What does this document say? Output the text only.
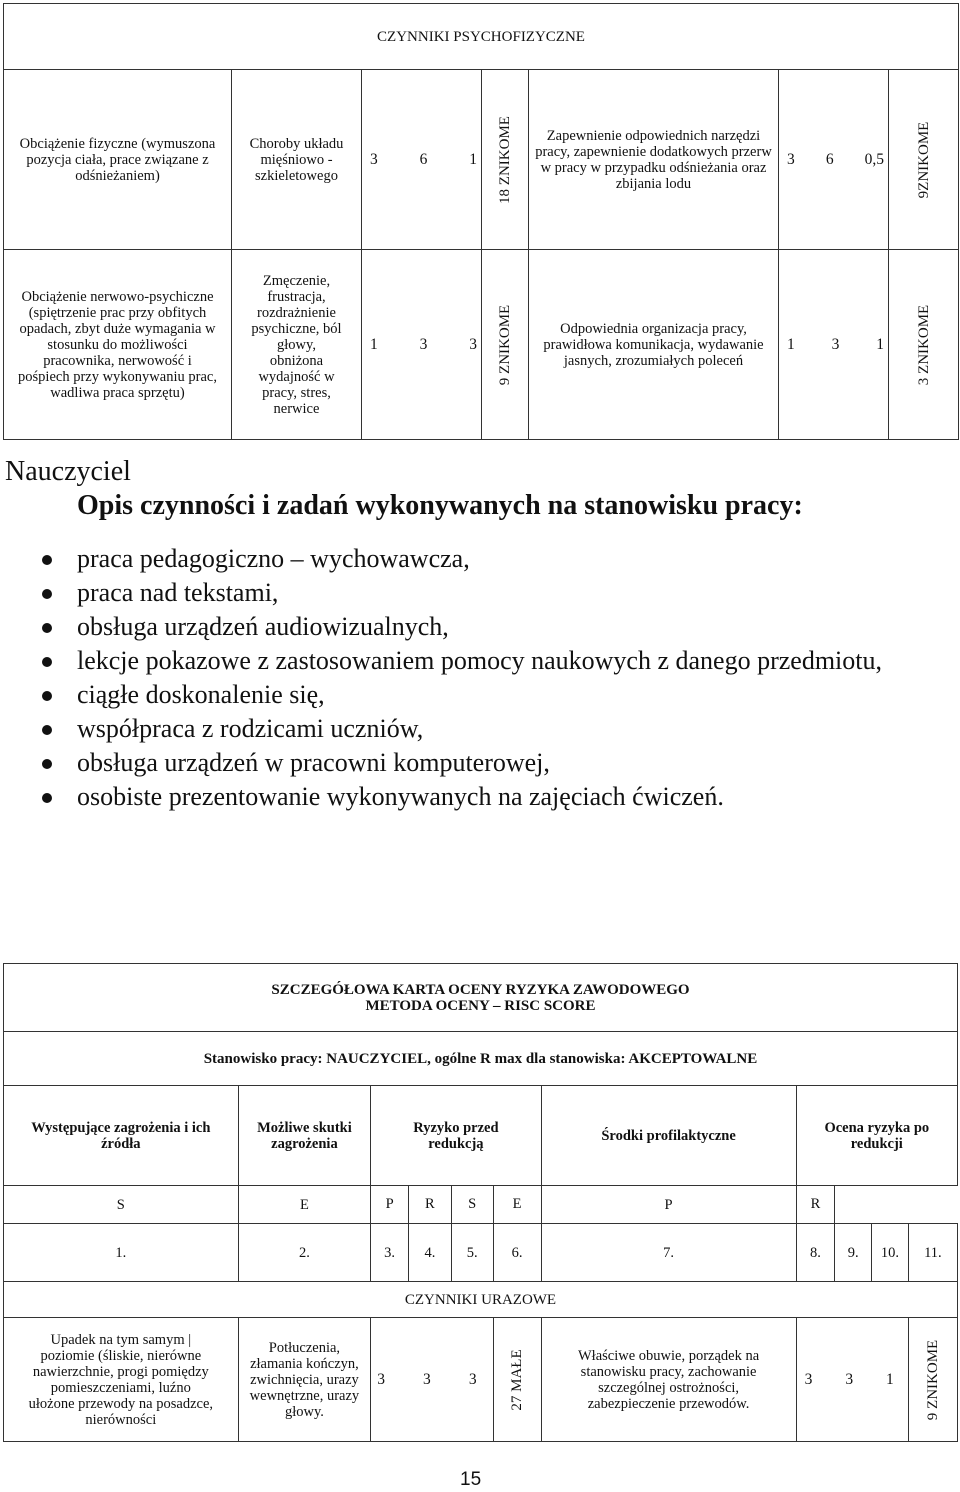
CZYNNIKI PSYCHOFIZYCZNE						
Obciążenie fizyczne (wymuszona pozycja ciała, prace związane z odśnieżaniem)	Choroby układu mięśniowo - szkieletowego	3 6 1	18 ZNIKOME	Zapewnienie odpowiednich narzędzi pracy, zapewnienie dodatkowych przerw w pracy w przypadku odśnieżania oraz zbijania lodu	3 6 0,5	9ZNIKOME

Obciążenie nerwowo-psychiczne (spiętrzenie prac przy obfitych opadach, zbyt duże wymagania w stosunku do możliwości pracownika, nerwowość i pośpiech przy wykonywaniu prac, wadliwa praca sprzętu)	Zmęczenie, frustracja, rozdrażnienie psychiczne, ból głowy, obniżona wydajność w pracy, stres, nerwice	1 3 3	9 ZNIKOME	Odpowiednia organizacja pracy, prawidłowa komunikacja, wydawanie jasnych, zrozumiałych poleceń	1 3 1	3 ZNIKOME

Nauczyciel

Opis czynności i zadań wykonywanych na stanowisku pracy:

praca pedagogiczno – wychowawcza,
praca nad tekstami,
obsługa urządzeń audiowizualnych,
lekcje pokazowe z zastosowaniem pomocy naukowych z danego przedmiotu,
ciągłe doskonalenie się,
współpraca z rodzicami uczniów,
obsługa urządzeń w pracowni komputerowej,
osobiste prezentowanie wykonywanych na zajęciach ćwiczeń.
SZCZEGÓŁOWA KARTA OCENY RYZYKA ZAWODOWEGO
METODA OCENY – RISC SCORE										

Stanowisko pracy: NAUCZYCIEL, ogólne R max dla stanowiska: AKCEPTOWALNE										
Występujące zagrożenia i ich źródła	Możliwe skutki zagrożenia	Ryzyko przed redukcją				Środki profilaktyczne	Ocena ryzyka po redukcji			

S	E	P	R	S	E	P	R			
1.	2.	3.	4.	5.	6.	7.	8.	9.	10.	11.
CZYNNIKI URAZOWE										
Upadek na tym samym | poziomie (śliskie, nierówne nawierzchnie, progi pomiędzy pomieszczeniami, luźno ułożone przewody na posadzce, nierówności	Potłuczenia, złamania kończyn, zwichnięcia, urazy wewnętrzne, urazy głowy.	3 3 3			27 MAŁE	Właściwe obuwie, porządek na stanowisku pracy, zachowanie szczególnej ostrożności, zabezpieczenie przewodów.	3 3 1			9 ZNIKOME
15
